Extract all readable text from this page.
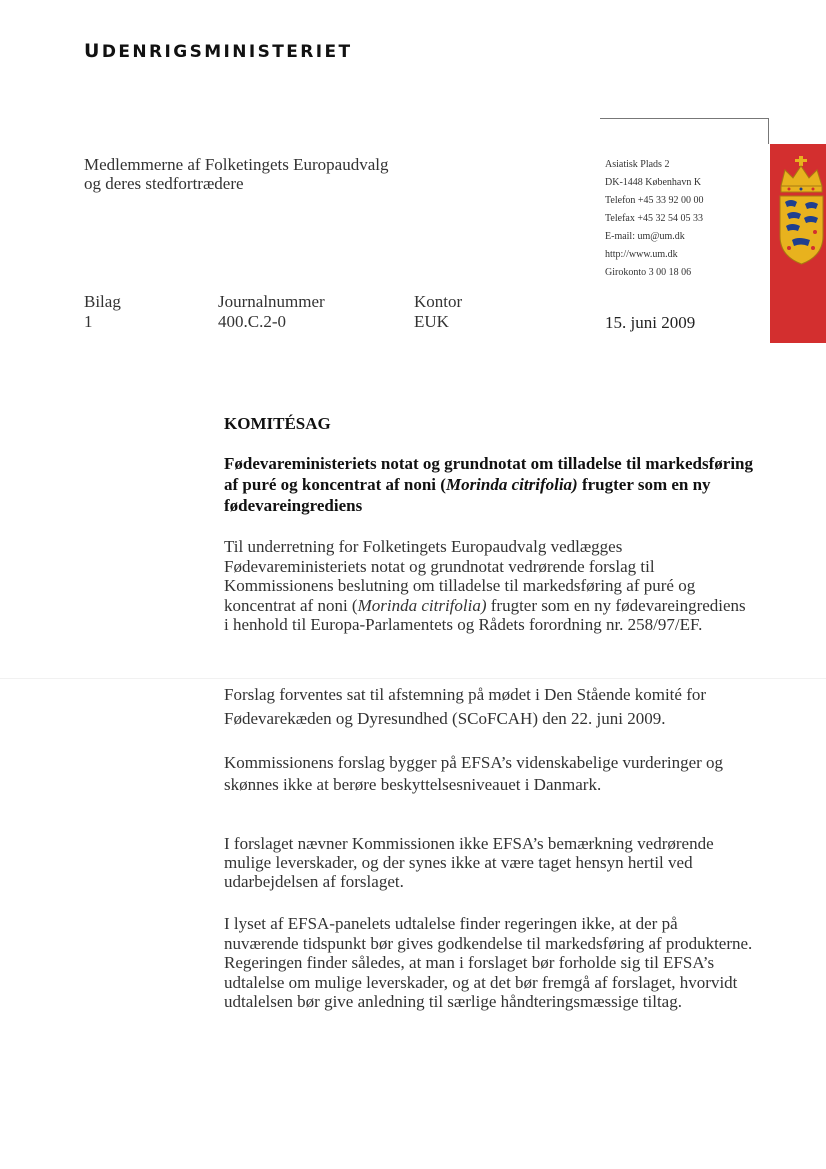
UDENRIGSMINISTERIET
Medlemmerne af Folketingets Europaudvalg
og deres stedfortrædere
Asiatisk Plads 2
DK-1448 København K
Telefon +45 33 92 00 00
Telefax +45 32 54 05 33
E-mail: um@um.dk
http://www.um.dk
Girokonto 3 00 18 06
Bilag
1
Journalnummer
400.C.2-0
Kontor
EUK	15. juni 2009
KOMITÉSAG
Fødevareministeriets notat og grundnotat om tilladelse til markedsføring af puré og koncentrat af noni (Morinda citrifolia) frugter som en ny fødevareingrediens
Til underretning for Folketingets Europaudvalg vedlægges Fødevareministeriets notat og grundnotat vedrørende forslag til Kommissionens beslutning om tilladelse til markedsføring af puré og koncentrat af noni (Morinda citrifolia) frugter som en ny fødevareingrediens i henhold til Europa-Parlamentets og Rådets forordning nr. 258/97/EF.
Forslag forventes sat til afstemning på mødet i Den Stående komité for Fødevarekæden og Dyresundhed (SCoFCAH) den 22. juni 2009.
Kommissionens forslag bygger på EFSA’s videnskabelige vurderinger og skønnes ikke at berøre beskyttelsesniveauet i Danmark.
I forslaget nævner Kommissionen ikke EFSA’s bemærkning vedrørende mulige leverskader, og der synes ikke at være taget hensyn hertil ved udarbejdelsen af forslaget.
I lyset af EFSA-panelets udtalelse finder regeringen ikke, at der på nuværende tidspunkt bør gives godkendelse til markedsføring af produkterne. Regeringen finder således, at man i forslaget bør forholde sig til EFSA’s udtalelse om mulige leverskader, og at det bør fremgå af forslaget, hvorvidt udtalelsen bør give anledning til særlige håndteringsmæssige tiltag.
